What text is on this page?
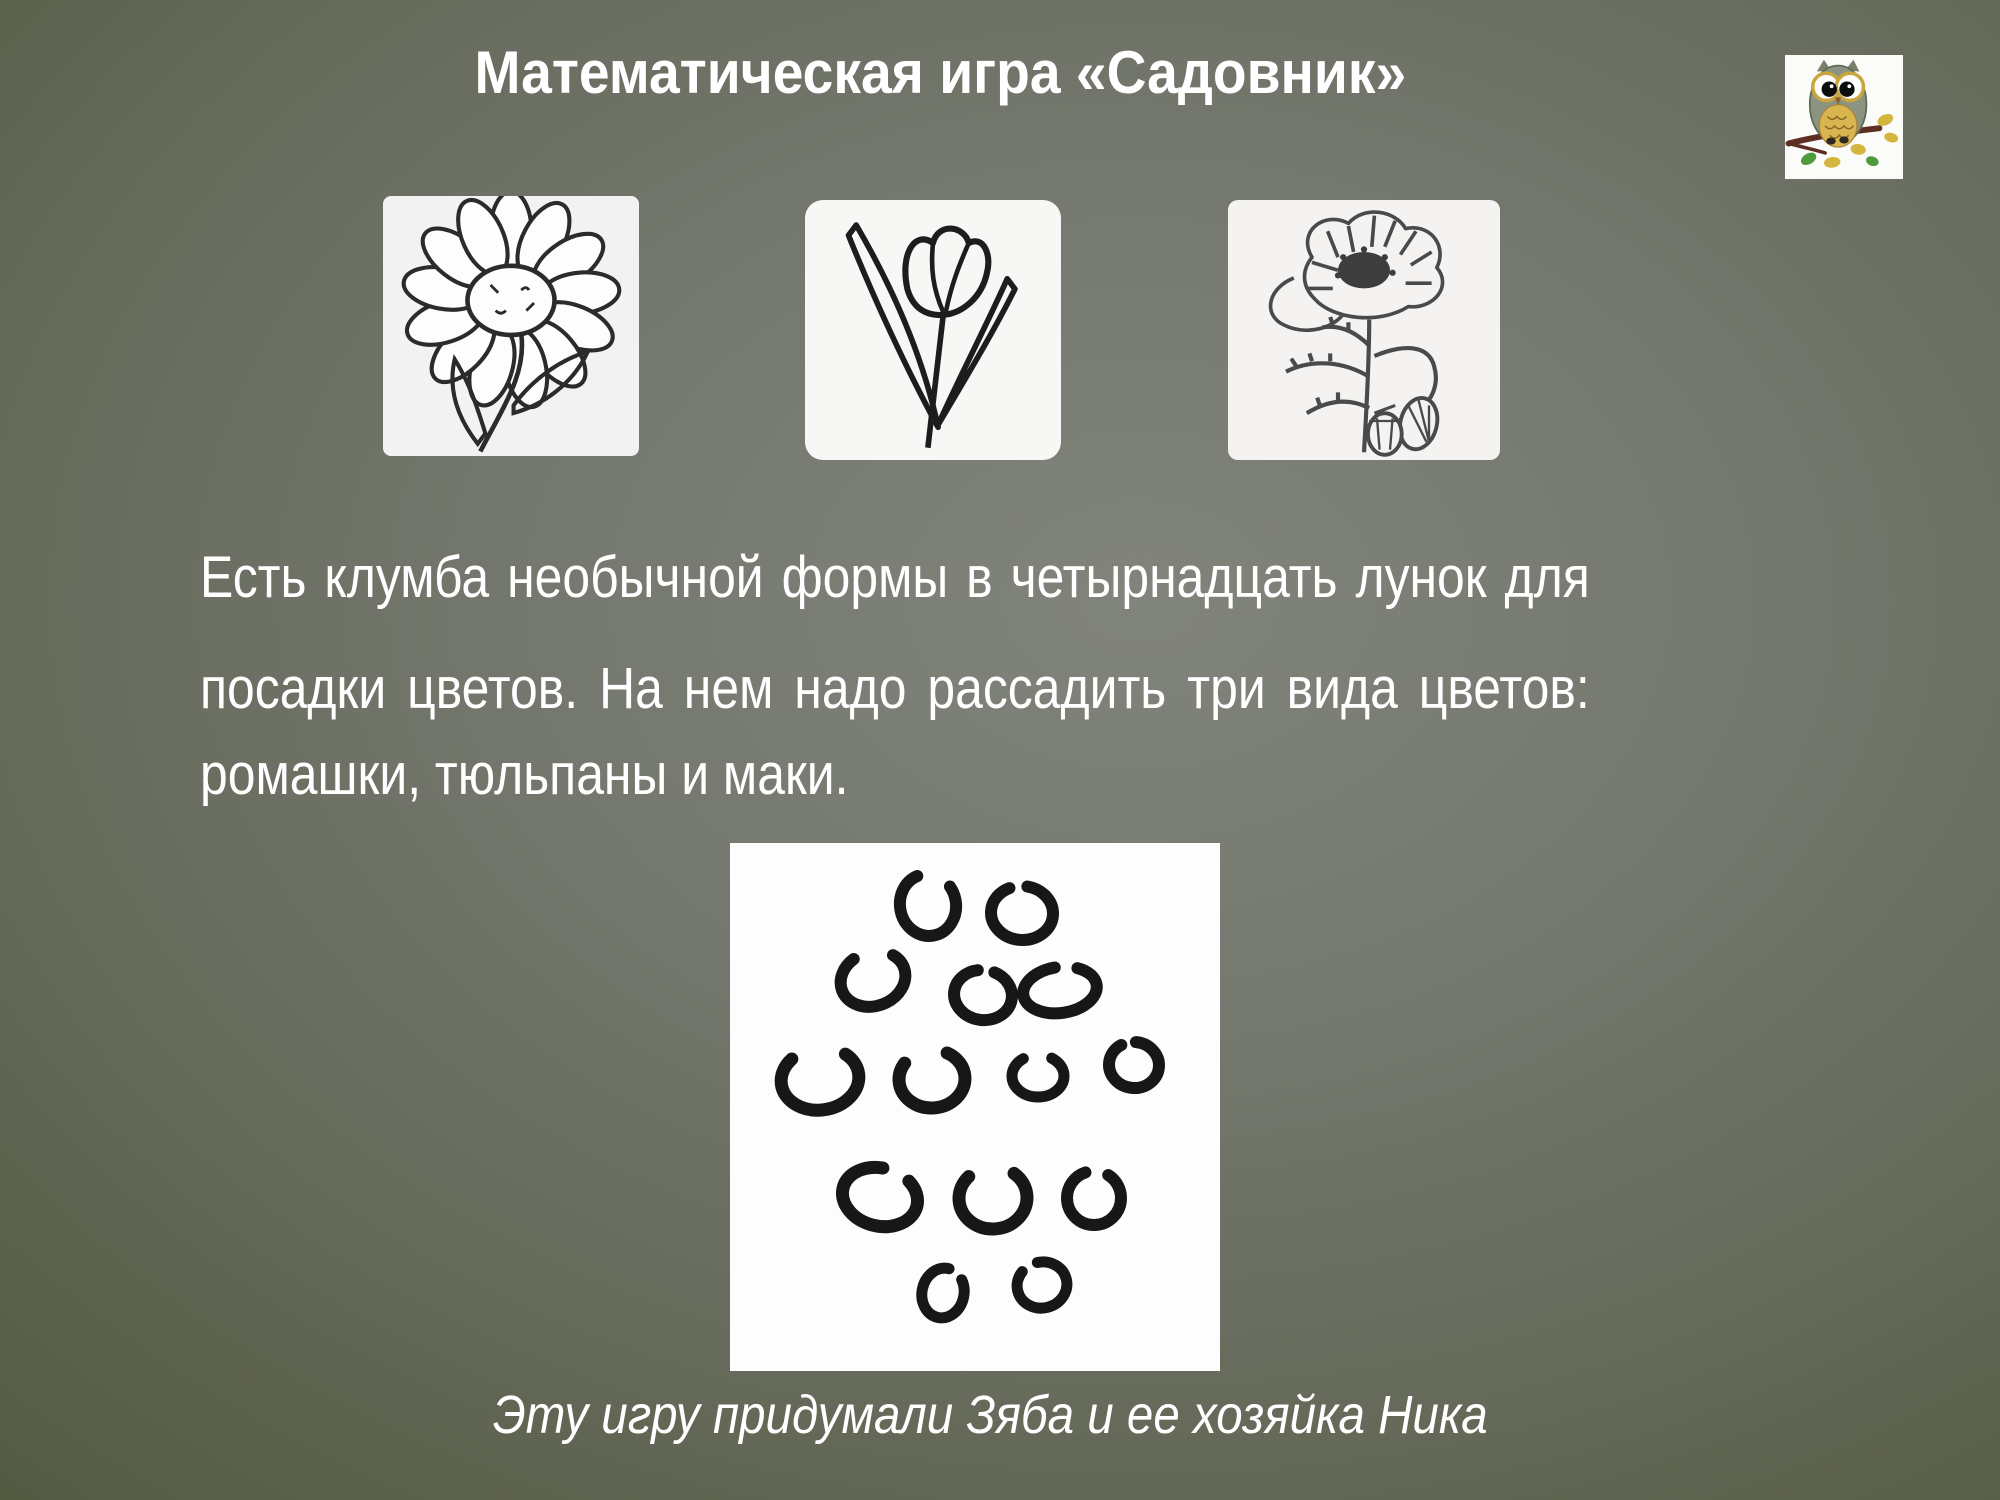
Математическая игра «Садовник»
Есть клумба необычной формы в четырнадцать лунок для
посадки цветов. На нем надо рассадить три вида цветов:
ромашки, тюльпаны и маки.
Эту игру придумали Зяба и ее хозяйка Ника
